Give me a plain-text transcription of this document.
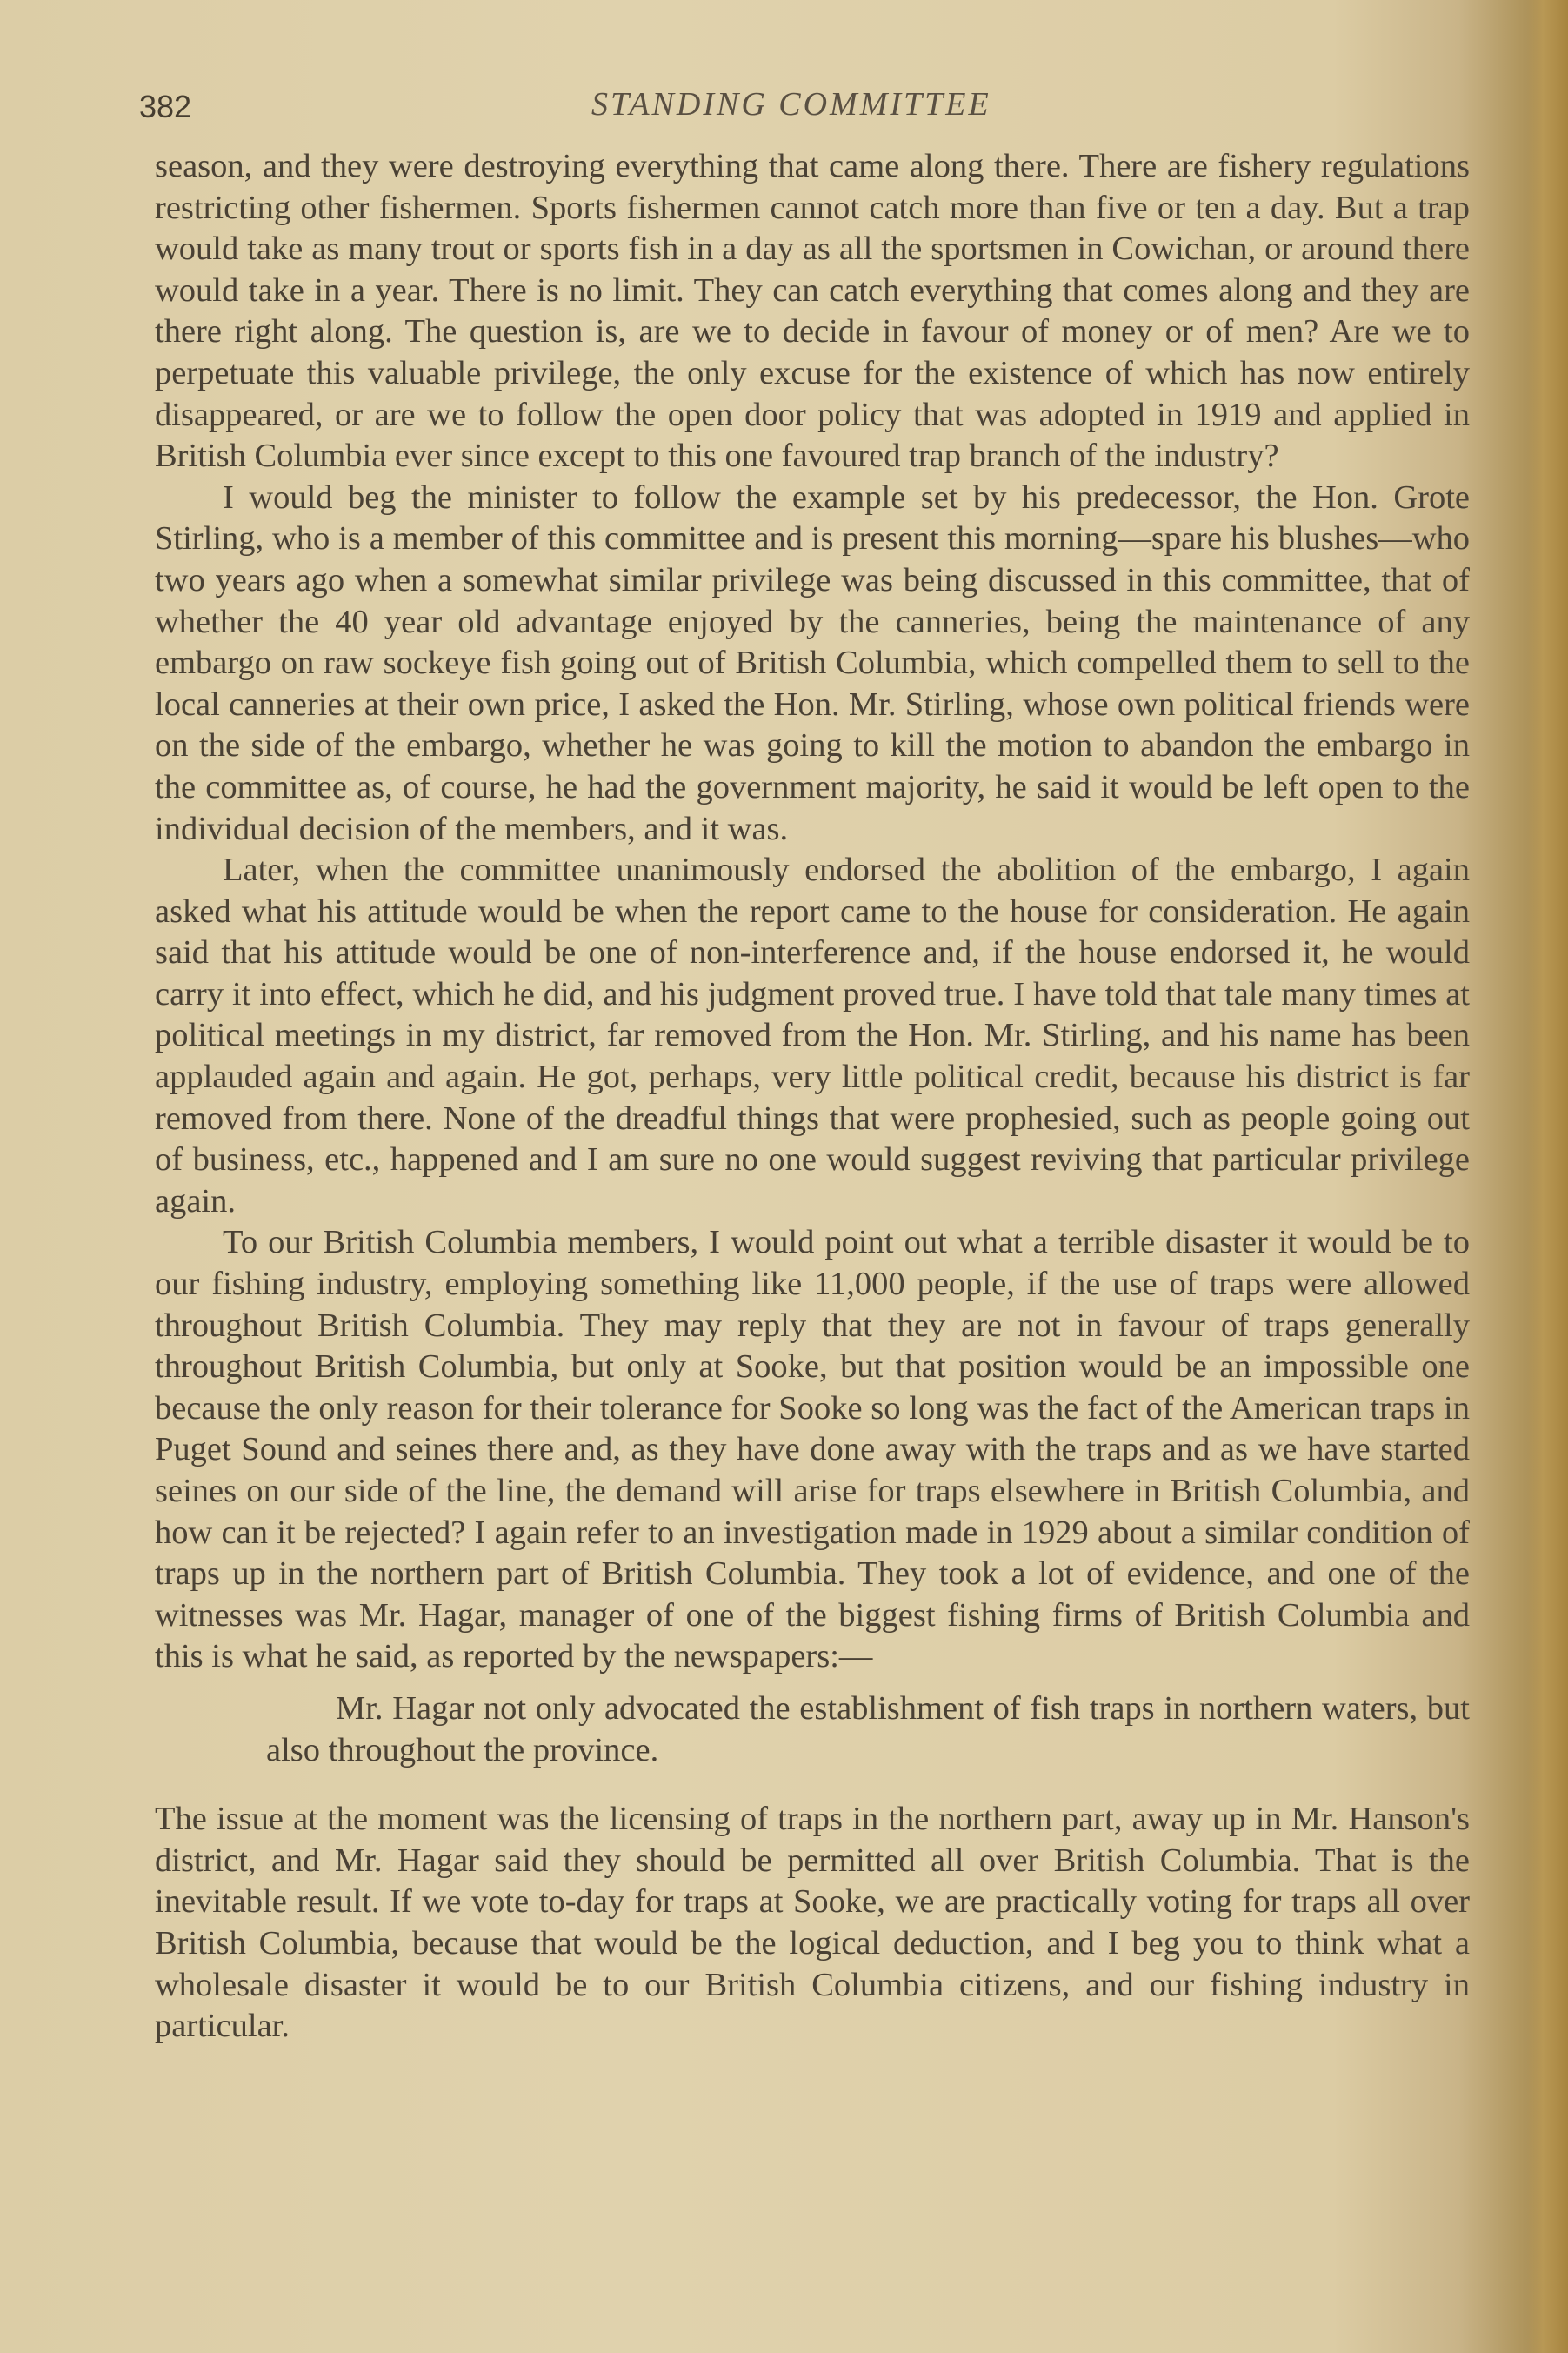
382	STANDING COMMITTEE

season, and they were destroying everything that came along there. There are fishery regulations restricting other fishermen. Sports fishermen cannot catch more than five or ten a day. But a trap would take as many trout or sports fish in a day as all the sportsmen in Cowichan, or around there would take in a year. There is no limit. They can catch everything that comes along and they are there right along. The question is, are we to decide in favour of money or of men? Are we to perpetuate this valuable privilege, the only excuse for the existence of which has now entirely disappeared, or are we to follow the open door policy that was adopted in 1919 and applied in British Columbia ever since except to this one favoured trap branch of the industry?

I would beg the minister to follow the example set by his predecessor, the Hon. Grote Stirling, who is a member of this committee and is present this morning—spare his blushes—who two years ago when a somewhat similar privilege was being discussed in this committee, that of whether the 40 year old advantage enjoyed by the canneries, being the maintenance of any embargo on raw sockeye fish going out of British Columbia, which compelled them to sell to the local canneries at their own price, I asked the Hon. Mr. Stirling, whose own political friends were on the side of the embargo, whether he was going to kill the motion to abandon the embargo in the committee as, of course, he had the government majority, he said it would be left open to the individual decision of the members, and it was.

Later, when the committee unanimously endorsed the abolition of the embargo, I again asked what his attitude would be when the report came to the house for consideration. He again said that his attitude would be one of non-interference and, if the house endorsed it, he would carry it into effect, which he did, and his judgment proved true. I have told that tale many times at political meetings in my district, far removed from the Hon. Mr. Stirling, and his name has been applauded again and again. He got, perhaps, very little political credit, because his district is far removed from there. None of the dreadful things that were prophesied, such as people going out of business, etc., happened and I am sure no one would suggest reviving that particular privilege again.

To our British Columbia members, I would point out what a terrible disaster it would be to our fishing industry, employing something like 11,000 people, if the use of traps were allowed throughout British Columbia. They may reply that they are not in favour of traps generally throughout British Columbia, but only at Sooke, but that position would be an impossible one because the only reason for their tolerance for Sooke so long was the fact of the American traps in Puget Sound and seines there and, as they have done away with the traps and as we have started seines on our side of the line, the demand will arise for traps elsewhere in British Columbia, and how can it be rejected? I again refer to an investigation made in 1929 about a similar condition of traps up in the northern part of British Columbia. They took a lot of evidence, and one of the witnesses was Mr. Hagar, manager of one of the biggest fishing firms of British Columbia and this is what he said, as reported by the newspapers:—

Mr. Hagar not only advocated the establishment of fish traps in northern waters, but also throughout the province.

The issue at the moment was the licensing of traps in the northern part, away up in Mr. Hanson's district, and Mr. Hagar said they should be permitted all over British Columbia. That is the inevitable result. If we vote to-day for traps at Sooke, we are practically voting for traps all over British Columbia, because that would be the logical deduction, and I beg you to think what a wholesale disaster it would be to our British Columbia citizens, and our fishing industry in particular.
